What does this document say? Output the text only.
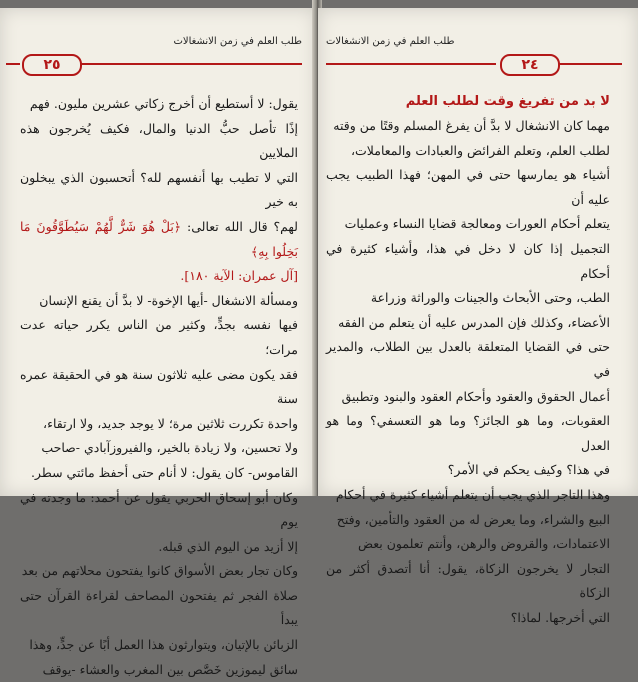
طلب العلم في زمن الانشغالات
٢٥

يقول: لا أستطيع أن أخرج زكاتي عشرين مليون. فهم

إذًا تأصل حبُّ الدنيا والمال، فكيف يُخرجون هذه الملايين

التي لا تطيب بها أنفسهم لله؟ أتحسبون الذي يبخلون به خير

لهم؟ قال الله تعالى: ﴿بَلْ هُوَ شَرٌّ لَّهُمْ سَيُطَوَّقُونَ مَا بَخِلُوا بِهِ﴾

[آل عمران: الآية ١٨٠].

ومسألة الانشغال -أيها الإخوة- لا بدَّ أن يقنع الإنسان

فيها نفسه بجدٍّ، وكثير من الناس يكرر حياته عدت مرات؛

فقد يكون مضى عليه ثلاثون سنة هو في الحقيقة عمره سنة

واحدة تكررت ثلاثين مرة؛ لا يوجد جديد، ولا ارتقاء،

ولا تحسين، ولا زيادة بالخير، والفيروزآبادي -صاحب

القاموس- كان يقول: لا أنام حتى أحفظ مائتي سطر.

وكان أبو إسحاق الحربي يقول عن أحمد: ما وجدته في يوم

إلا أزيد من اليوم الذي قبله.

وكان تجار بعض الأسواق كانوا يفتحون محلاتهم من بعد

صلاة الفجر ثم يفتحون المصاحف لقراءة القرآن حتى يبدأ

الزبائن بالإتيان، ويتوارثون هذا العمل أبًا عن جدٍّ، وهذا

سائق ليموزين خَصَّص بين المغرب والعشاء -يوقف

طلب العلم في زمن الانشغالات
٢٤

لا بد من تفريغ وقت لطلب العلم

مهما كان الانشغال لا بدَّ أن يفرغ المسلم وقتًا من وقته

لطلب العلم، وتعلم الفرائض والعبادات والمعاملات،

أشياء هو يمارسها حتى في المهن؛ فهذا الطبيب يجب عليه أن

يتعلم أحكام العورات ومعالجة قضايا النساء وعمليات

التجميل إذا كان لا دخل في هذا، وأشياء كثيرة في أحكام

الطب، وحتى الأبحاث والجينات والوراثة وزراعة

الأعضاء، وكذلك فإن المدرس عليه أن يتعلم من الفقه

حتى في القضايا المتعلقة بالعدل بين الطلاب، والمدير في

أعمال الحقوق والعقود وأحكام العقود والبنود وتطبيق

العقوبات، وما هو الجائز؟ وما هو التعسفي؟ وما هو العدل

في هذا؟ وكيف يحكم في الأمر؟

وهذا التاجر الذي يجب أن يتعلم أشياء كثيرة في أحكام

البيع والشراء، وما يعرض له من العقود والتأمين، وفتح

الاعتمادات، والقروض والرهن، وأنتم تعلمون بعض

التجار لا يخرجون الزكاة، يقول: أنا أتصدق أكثر من الزكاة

التي أخرجها. لماذا؟
